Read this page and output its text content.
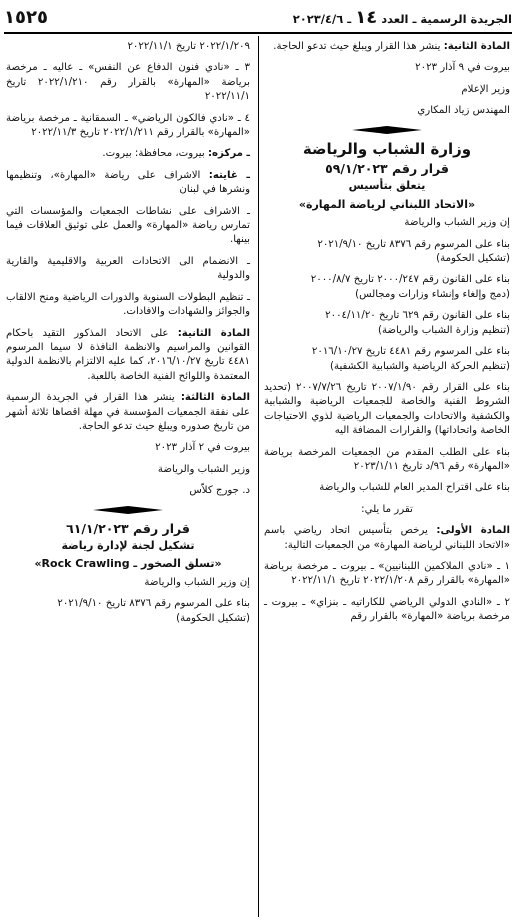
الجريدة الرسمية ـ العدد ١٤ ـ ٢٠٢٣/٤/٦
١٥٢٥

المادة الثانية: ينشر هذا القرار ويبلغ حيث تدعو الحاجة.

بيروت في ٩ آذار ٢٠٢٣

وزير الإعلام

المهندس زياد المكاري

وزارة الشباب والرياضة
قرار رقم ٥٩/١/٢٠٢٣
يتعلق بتأسيس
«الاتحاد اللبناني لرياضة المهارة»

إن وزير الشباب والرياضة

بناء على المرسوم رقم ٨٣٧٦ تاريخ ٢٠٢١/٩/١٠
(تشكيل الحكومة)
بناء على القانون رقم ٢٠٠٠/٢٤٧ تاريخ ٢٠٠٠/٨/٧
(دمج وإلغاء وإنشاء وزارات ومجالس)
بناء على القانون رقم ٦٢٩ تاريخ ٢٠٠٤/١١/٢٠
(تنظيم وزارة الشباب والرياضة)
بناء على المرسوم رقم ٤٤٨١ تاريخ ٢٠١٦/١٠/٢٧
(تنظيم الحركة الرياضية والشبابية الكشفية)
بناء على القرار رقم ٢٠٠٧/١/٩٠ تاريخ ٢٠٠٧/٧/٢٦ (تحديد الشروط الفنية والخاصة للجمعيات الرياضية والشبابية والكشفية والاتحادات والجمعيات الرياضية لذوي الاحتياجات الخاصة واتحاداتها) والقرارات المضافة اليه
بناء على الطلب المقدم من الجمعيات المرخصة برياضة «المهارة» رقم ٩٦/د تاريخ ٢٠٢٣/١/١١
بناء على اقتراح المدير العام للشباب والرياضة

تقرر ما يلي:

المادة الأولى: يرخص بتأسيس اتحاد رياضي باسم «الاتحاد اللبناني لرياضة المهارة» من الجمعيات التالية:

١ ـ «نادي الملاكمين اللبنانيين» ـ بيروت ـ مرخصة برياضة «المهارة» بالقرار رقم ٢٠٢٢/١/٢٠٨ تاريخ ٢٠٢٢/١١/١

٢ ـ «النادي الدولي الرياضي للكاراتيه ـ بنزاي» ـ بيروت ـ مرخصة برياضة «المهارة» بالقرار رقم

٢٠٢٢/١/٢٠٩ تاريخ ٢٠٢٢/١١/١

٣ ـ «نادي فنون الدفاع عن النفس» ـ عاليه ـ مرخصة برياضة «المهارة» بالقرار رقم ٢٠٢٢/١/٢١٠ تاريخ ٢٠٢٢/١١/١

٤ ـ «نادي فالكون الرياضي» ـ السمقانية ـ مرخصة برياضة «المهارة» بالقرار رقم ٢٠٢٢/١/٢١١ تاريخ ٢٠٢٢/١١/٣

ـ مركزه: بيروت، محافظة: بيروت.

ـ غايته: الاشراف على رياضة «المهارة»، وتنظيمها ونشرها في لبنان

ـ الاشراف على نشاطات الجمعيات والمؤسسات التي تمارس رياضة «المهارة» والعمل على توثيق العلاقات فيما بينها.

ـ الانضمام الى الاتحادات العربية والاقليمية والقارية والدولية

ـ تنظيم البطولات السنوية والدورات الرياضية ومنح الالقاب والجوائز والشهادات والافادات.

المادة الثانية: على الاتحاد المذكور التقيد باحكام القوانين والمراسيم والانظمة النافذة لا سيما المرسوم ٤٤٨١ تاريخ ٢٠١٦/١٠/٢٧، كما عليه الالتزام بالانظمة الدولية المعتمدة واللوائح الفنية الخاصة باللعبة.

المادة الثالثة: ينشر هذا القرار في الجريدة الرسمية على نفقة الجمعيات المؤسسة في مهلة اقصاها ثلاثة أشهر من تاريخ صدوره ويبلغ حيث تدعو الحاجة.

بيروت في ٢ آذار ٢٠٢٣

وزير الشباب والرياضة

د. جورج كلاّس

قرار رقم ٦١/١/٢٠٢٣
تشكيل لجنة لإدارة رياضة
«تسلق الصخور ـ Rock Crawling»

إن وزير الشباب والرياضة

بناء على المرسوم رقم ٨٣٧٦ تاريخ ٢٠٢١/٩/١٠
(تشكيل الحكومة)
